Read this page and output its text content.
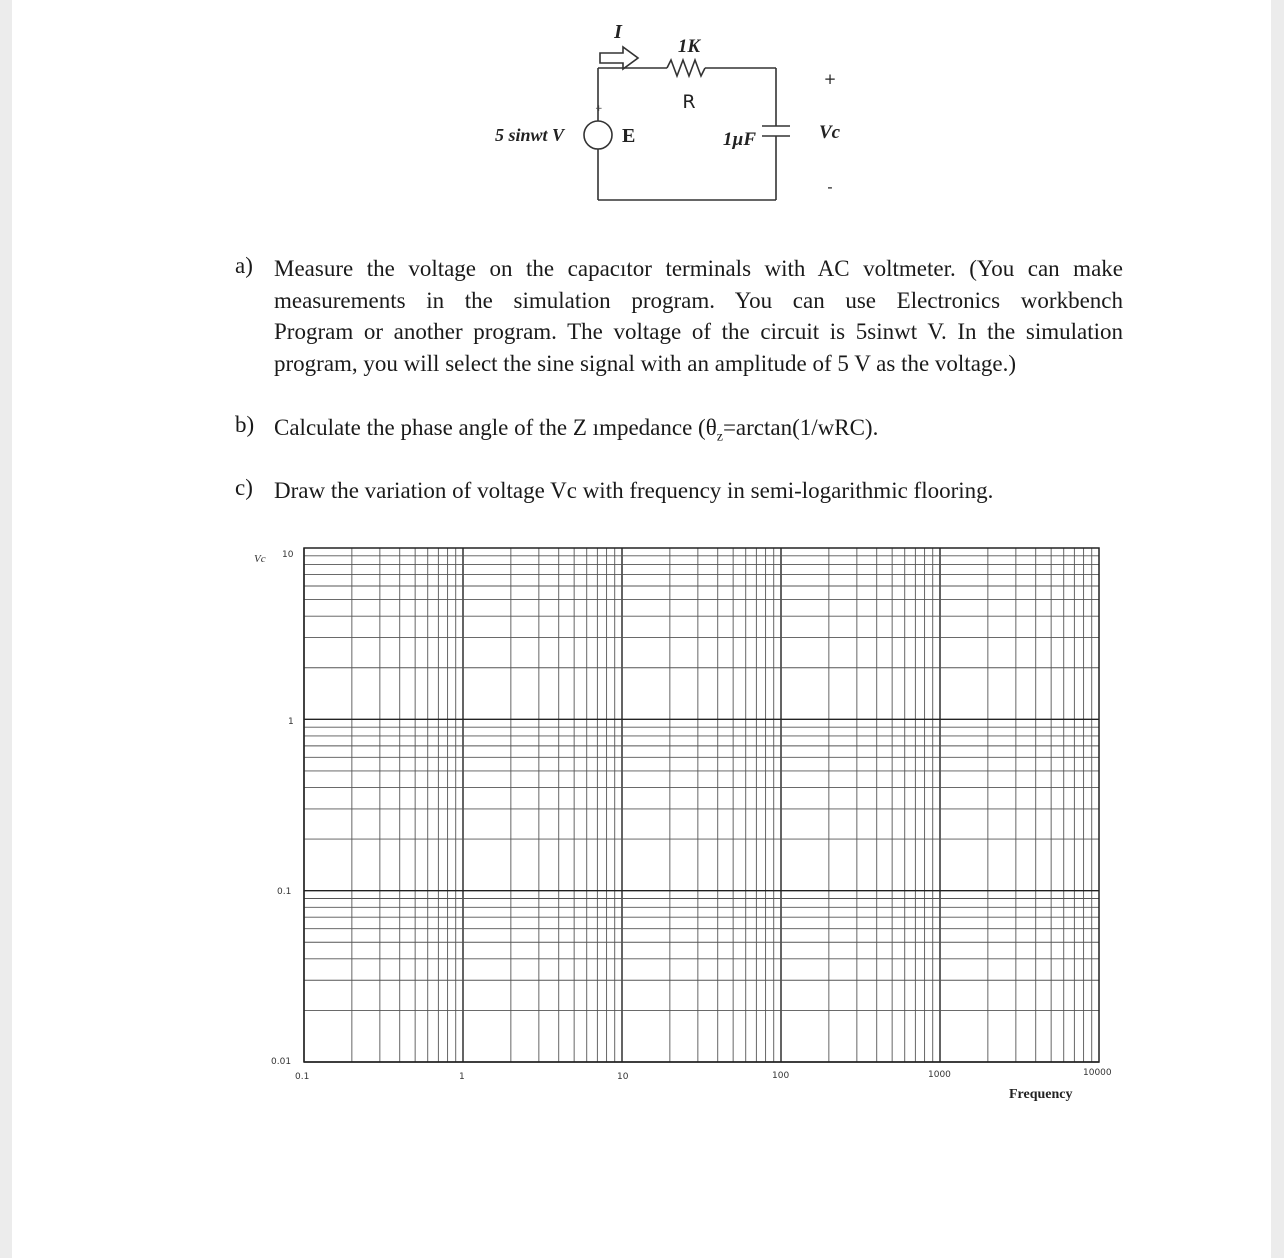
I
1K
R
5 sinwt V	E
+
1µF	Vc
+
-
a) Measure the voltage on the capacıtor terminals with AC voltmeter. (You can make
measurements in the simulation program. You can use Electronics workbench
Program or another program. The voltage of the circuit is 5sinwt V. In the simulation
program, you will select the sine signal with an amplitude of 5 V as the voltage.)
b) Calculate the phase angle of the Z ımpedance ($\theta_z=\arctan(1/wRC)$.
c) Draw the variation of voltage Vc with frequency in semi-logarithmic flooring.
Vc 10
1
0.1
0.01
0.1	1	10	100	1000	10000
Frequency
